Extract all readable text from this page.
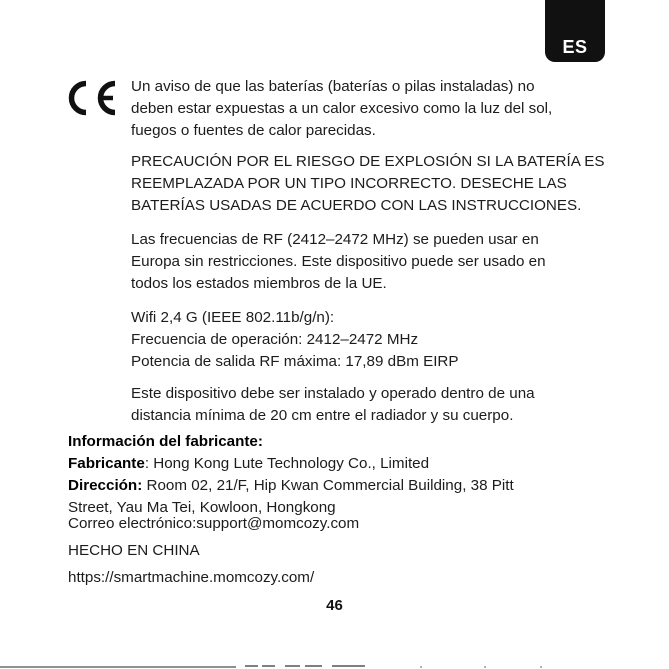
ES
Un aviso de que las baterías (baterías o pilas instaladas) no
deben estar expuestas a un calor excesivo como la luz del sol,
fuegos o fuentes de calor parecidas.
PRECAUCIÓN POR EL RIESGO DE EXPLOSIÓN SI LA BATERÍA ES
REEMPLAZADA POR UN TIPO INCORRECTO. DESECHE LAS
BATERÍAS USADAS DE ACUERDO CON LAS INSTRUCCIONES.
Las frecuencias de RF (2412–2472 MHz) se pueden usar en
Europa sin restricciones. Este dispositivo puede ser usado en
todos los estados miembros de la UE.
Wifi 2,4 G (IEEE 802.11b/g/n):
Frecuencia de operación: 2412–2472 MHz
Potencia de salida RF máxima: 17,89 dBm EIRP
Este dispositivo debe ser instalado y operado dentro de una
distancia mínima de 20 cm entre el radiador y su cuerpo.
Información del fabricante:
Fabricante: Hong Kong Lute Technology Co., Limited
Dirección: Room 02, 21/F, Hip Kwan Commercial Building, 38 Pitt
Street, Yau Ma Tei, Kowloon, Hongkong
Correo electrónico:support@momcozy.com
HECHO EN CHINA
https://smartmachine.momcozy.com/
46
